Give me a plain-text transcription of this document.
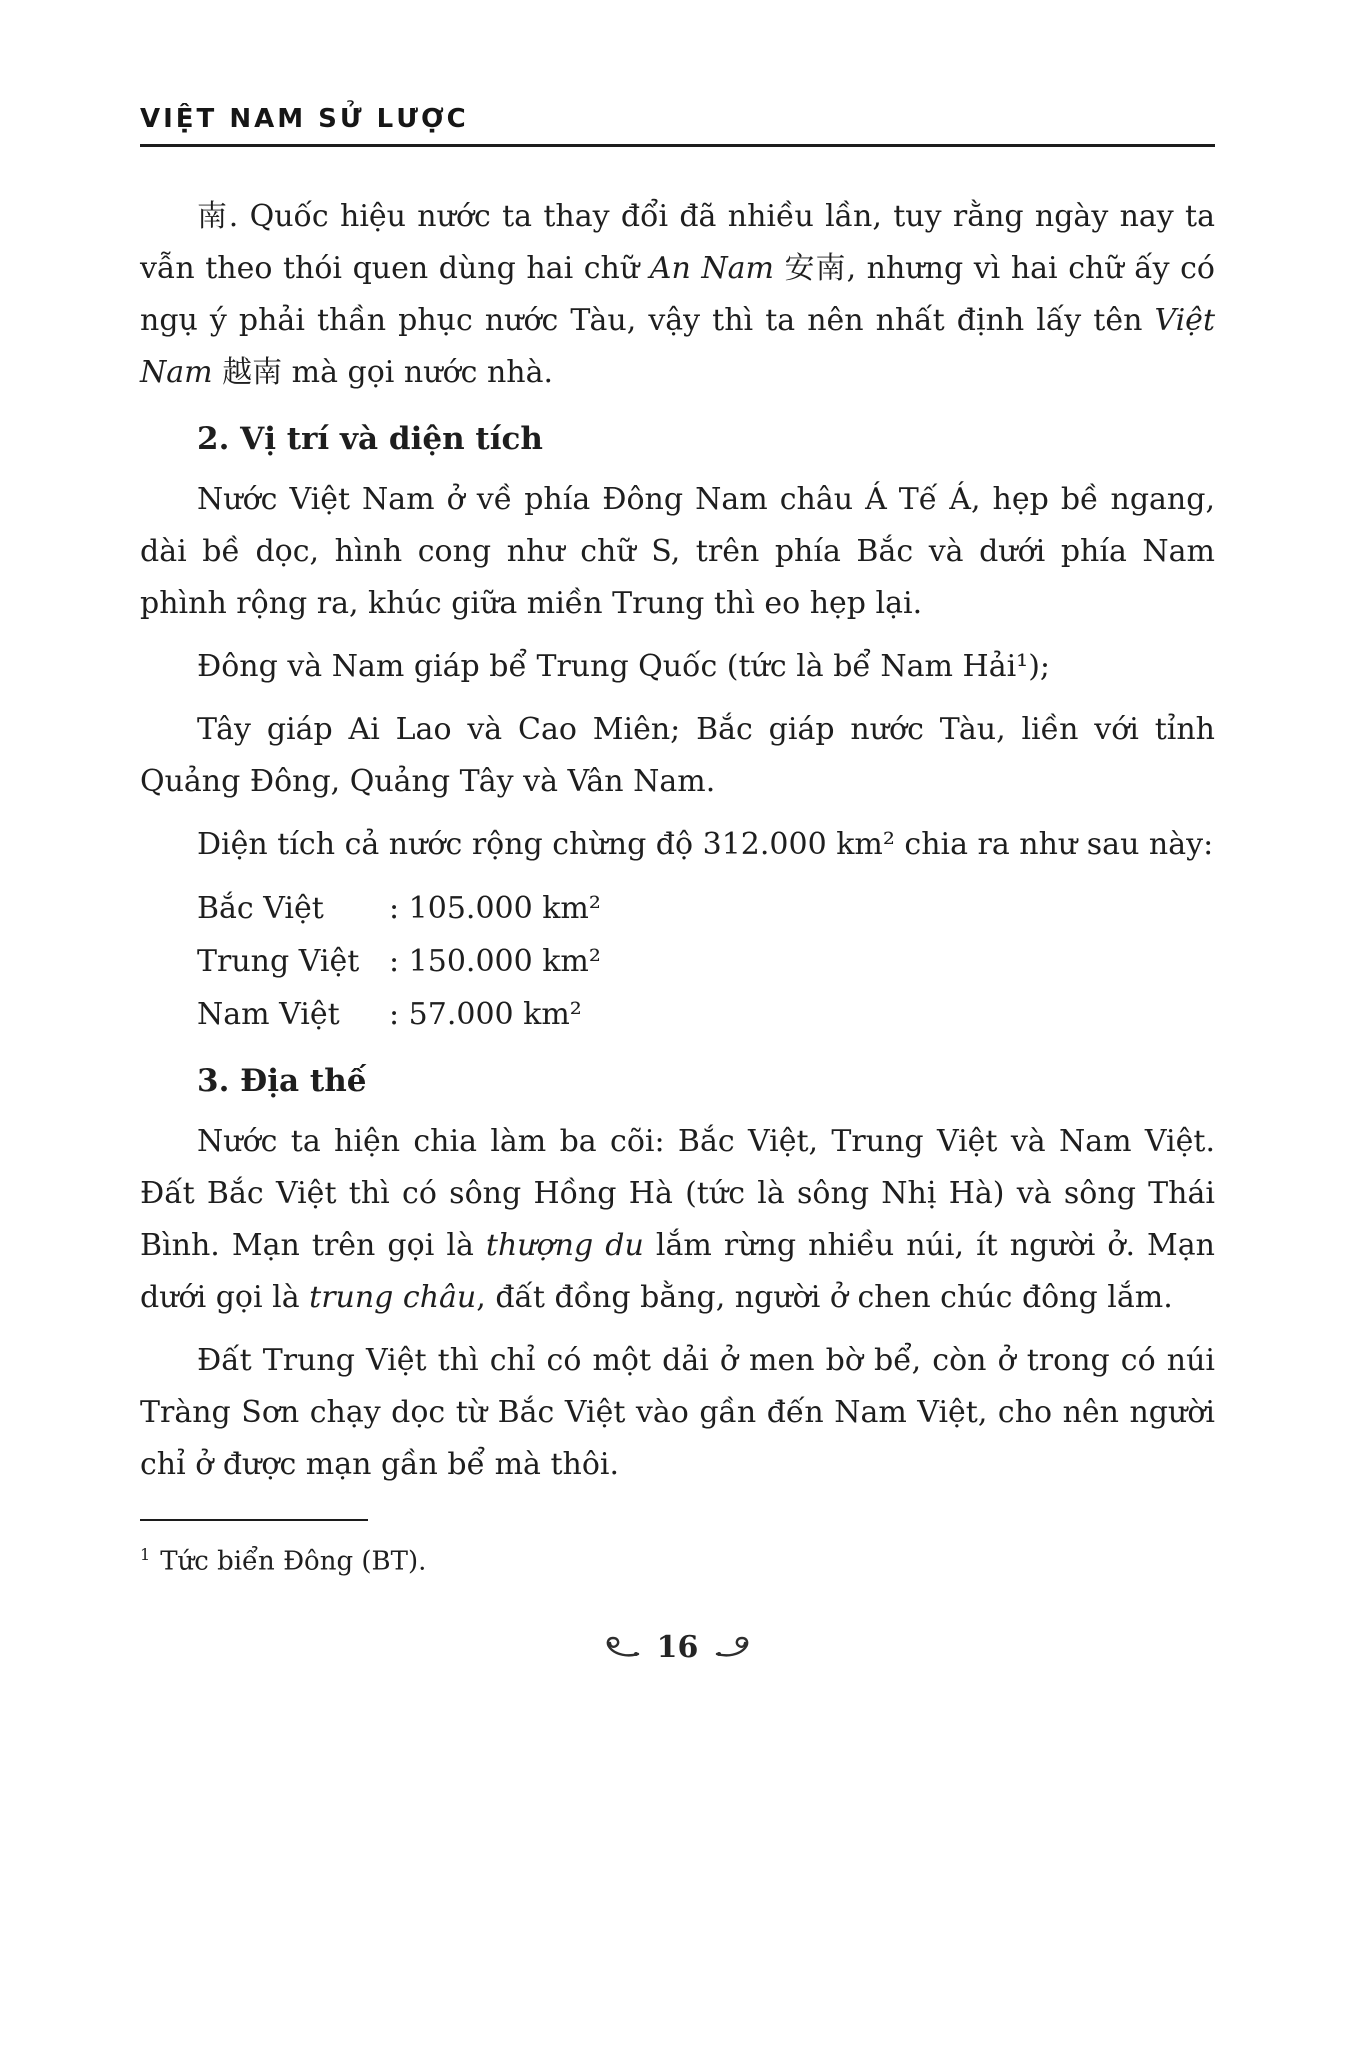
VIỆT NAM SỬ LƯỢC

南. Quốc hiệu nước ta thay đổi đã nhiều lần, tuy rằng ngày nay ta vẫn theo thói quen dùng hai chữ An Nam 安南, nhưng vì hai chữ ấy có ngụ ý phải thần phục nước Tàu, vậy thì ta nên nhất định lấy tên Việt Nam 越南 mà gọi nước nhà.

2. Vị trí và diện tích

Nước Việt Nam ở về phía Đông Nam châu Á Tế Á, hẹp bề ngang, dài bề dọc, hình cong như chữ S, trên phía Bắc và dưới phía Nam phình rộng ra, khúc giữa miền Trung thì eo hẹp lại.

Đông và Nam giáp bể Trung Quốc (tức là bể Nam Hải¹);

Tây giáp Ai Lao và Cao Miên; Bắc giáp nước Tàu, liền với tỉnh Quảng Đông, Quảng Tây và Vân Nam.

Diện tích cả nước rộng chừng độ 312.000 km² chia ra như sau này:

Bắc Việt	: 105.000 km²
Trung Việt : 150.000 km²
Nam Việt	: 57.000 km²
3. Địa thế

Nước ta hiện chia làm ba cõi: Bắc Việt, Trung Việt và Nam Việt. Đất Bắc Việt thì có sông Hồng Hà (tức là sông Nhị Hà) và sông Thái Bình. Mạn trên gọi là thượng du lắm rừng nhiều núi, ít người ở. Mạn dưới gọi là trung châu, đất đồng bằng, người ở chen chúc đông lắm.

Đất Trung Việt thì chỉ có một dải ở men bờ bể, còn ở trong có núi Tràng Sơn chạy dọc từ Bắc Việt vào gần đến Nam Việt, cho nên người chỉ ở được mạn gần bể mà thôi.

$^1$ Tức biển Đông (BT).

16
